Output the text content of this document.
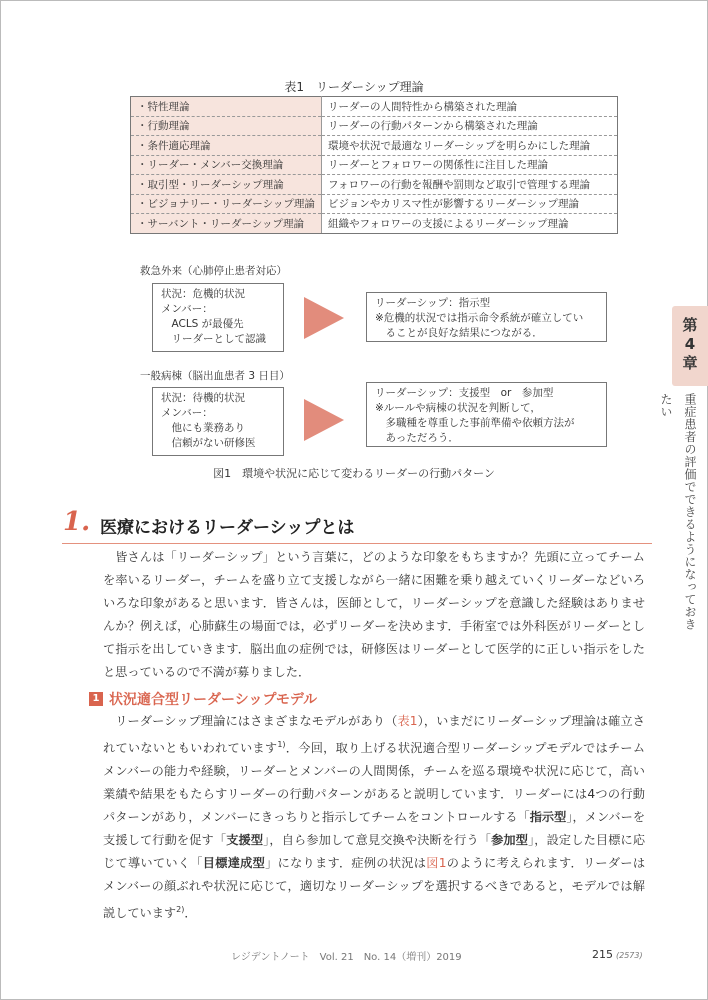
表1　リーダーシップ理論
・特性理論	リーダーの人間特性から構築された理論
・行動理論	リーダーの行動パターンから構築された理論
・条件適応理論	環境や状況で最適なリーダーシップを明らかにした理論
・リーダー・メンバー交換理論	リーダーとフォロワーの関係性に注目した理論
・取引型・リーダーシップ理論	フォロワーの行動を報酬や罰則など取引で管理する理論
・ビジョナリー・リーダーシップ理論	ビジョンやカリスマ性が影響するリーダーシップ理論
・サーバント・リーダーシップ理論	組織やフォロワーの支援によるリーダーシップ理論
救急外来（心肺停止患者対応）
状況：危機的状況
メンバー：
　ACLS が最優先
　リーダーとして認識
リーダーシップ：指示型
※危機的状況では指示命令系統が確立してい
　ることが良好な結果につながる．
一般病棟（脳出血患者 3 日目）
状況：待機的状況
メンバー：
　他にも業務あり
　信頼がない研修医
リーダーシップ：支援型　or　参加型
※ルールや病棟の状況を判断して，
　多職種を尊重した事前準備や依頼方法が
　あっただろう．
図1　環境や状況に応じて変わるリーダーの行動パターン
第
4
章
重症患者の評価でできるようになっておきたい
1. 医療におけるリーダーシップとは
皆さんは「リーダーシップ」という言葉に，どのような印象をもちますか？先頭に立ってチームを率いるリーダー，チームを盛り立て支援しながら一緒に困難を乗り越えていくリーダーなどいろいろな印象があると思います．皆さんは，医師として，リーダーシップを意識した経験はありませんか？例えば，心肺蘇生の場面では，必ずリーダーを決めます．手術室では外科医がリーダーとして指示を出していきます．脳出血の症例では，研修医はリーダーとして医学的に正しい指示をしたと思っているので不満が募りました．
1 状況適合型リーダーシップモデル
リーダーシップ理論にはさまざまなモデルがあり（表1），いまだにリーダーシップ理論は確立されていないともいわれています$^{1)}$．今回，取り上げる状況適合型リーダーシップモデルではチームメンバーの能力や経験，リーダーとメンバーの人間関係，チームを巡る環境や状況に応じて，高い業績や結果をもたらすリーダーの行動パターンがあると説明しています．リーダーには4つの行動パターンがあり，メンバーにきっちりと指示してチームをコントロールする「指示型」，メンバーを支援して行動を促す「支援型」，自ら参加して意見交換や決断を行う「参加型」，設定した目標に応じて導いていく「目標達成型」になります．症例の状況は図1のように考えられます．リーダーはメンバーの顔ぶれや状況に応じて，適切なリーダーシップを選択するべきであると，モデルでは解説しています$^{2)}$．
レジデントノート　Vol. 21　No. 14（増刊）2019	215 (2573)
